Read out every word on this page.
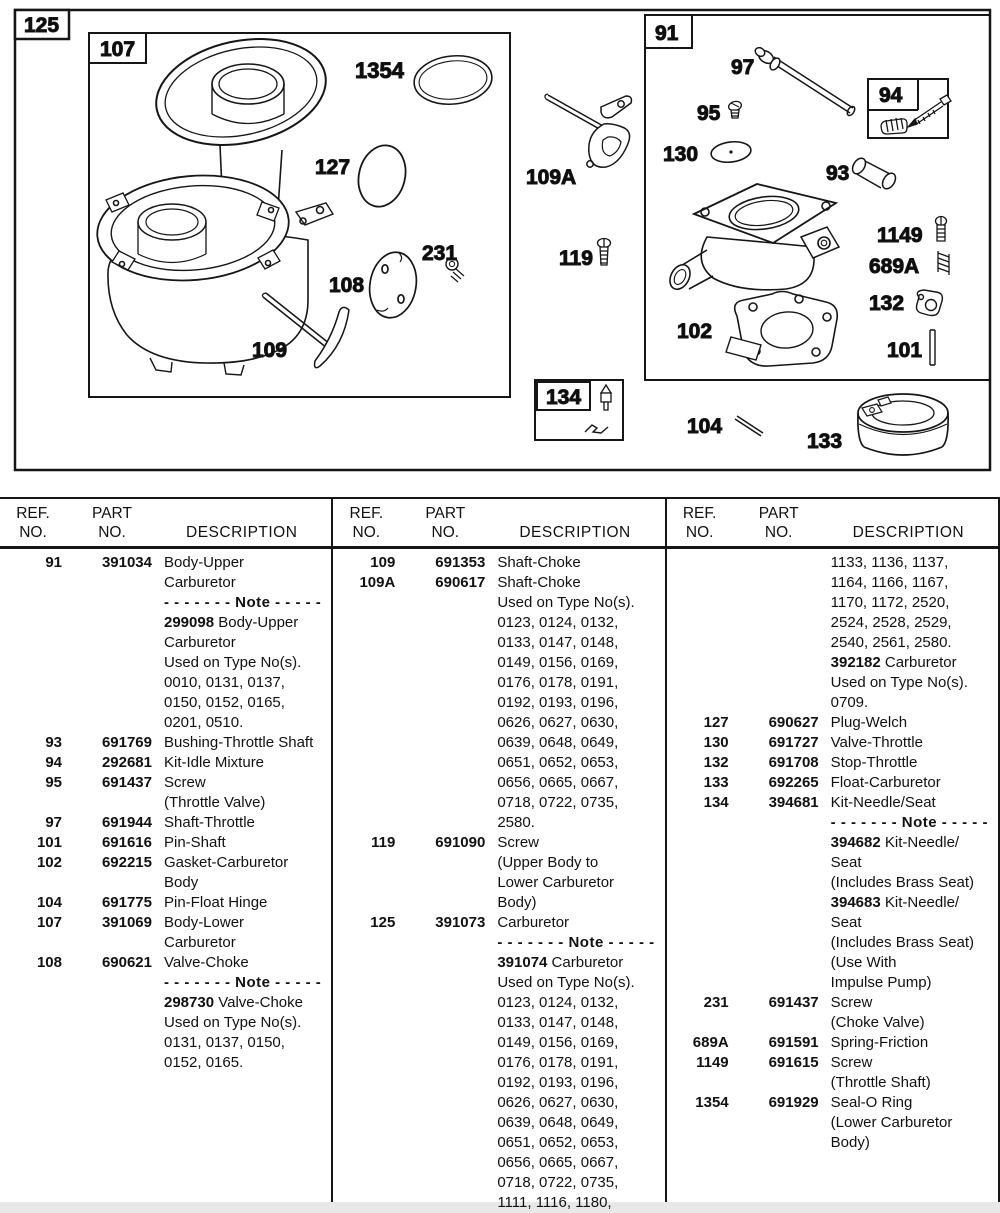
125
107
91
94
134
1354
127
231
108
109
109A
119
97
95
130
93
1149
689A
132
101
102
104
133
REF.	PART
NO.	NO.	DESCRIPTION
91	391034 Body-Upper
Carburetor
- - - - - - - Note - - - - -
299098 Body-Upper
Carburetor
Used on Type No(s).
0010, 0131, 0137,
0150, 0152, 0165,
0201, 0510.
93	691769 Bushing-Throttle Shaft
94	292681 Kit-Idle Mixture
95	691437 Screw
(Throttle Valve)
97	691944 Shaft-Throttle
101	691616 Pin-Shaft
102	692215 Gasket-Carburetor
Body
104	691775 Pin-Float Hinge
107	391069 Body-Lower
Carburetor
108	690621 Valve-Choke
- - - - - - - Note - - - - -
298730 Valve-Choke
Used on Type No(s).
0131, 0137, 0150,
0152, 0165.
REF.	PART
NO.	NO.	DESCRIPTION
109	691353 Shaft-Choke
109A	690617 Shaft-Choke
Used on Type No(s).
0123, 0124, 0132,
0133, 0147, 0148,
0149, 0156, 0169,
0176, 0178, 0191,
0192, 0193, 0196,
0626, 0627, 0630,
0639, 0648, 0649,
0651, 0652, 0653,
0656, 0665, 0667,
0718, 0722, 0735,
2580.
119	691090 Screw
(Upper Body to
Lower Carburetor
Body)
125	391073 Carburetor
- - - - - - - Note - - - - -
391074 Carburetor
Used on Type No(s).
0123, 0124, 0132,
0133, 0147, 0148,
0149, 0156, 0169,
0176, 0178, 0191,
0192, 0193, 0196,
0626, 0627, 0630,
0639, 0648, 0649,
0651, 0652, 0653,
0656, 0665, 0667,
0718, 0722, 0735,
1111, 1116, 1180,
REF.	PART
NO.	NO.	DESCRIPTION
1133, 1136, 1137,
1164, 1166, 1167,
1170, 1172, 2520,
2524, 2528, 2529,
2540, 2561, 2580.
392182 Carburetor
Used on Type No(s).
0709.
127	690627 Plug-Welch
130	691727 Valve-Throttle
132	691708 Stop-Throttle
133	692265 Float-Carburetor
134	394681 Kit-Needle/Seat
- - - - - - - Note - - - - -
394682 Kit-Needle/
Seat
(Includes Brass Seat)
394683 Kit-Needle/
Seat
(Includes Brass Seat)
(Use With
Impulse Pump)
231	691437 Screw
(Choke Valve)
689A	691591 Spring-Friction
1149	691615 Screw
(Throttle Shaft)
1354	691929 Seal-O Ring
(Lower Carburetor
Body)
